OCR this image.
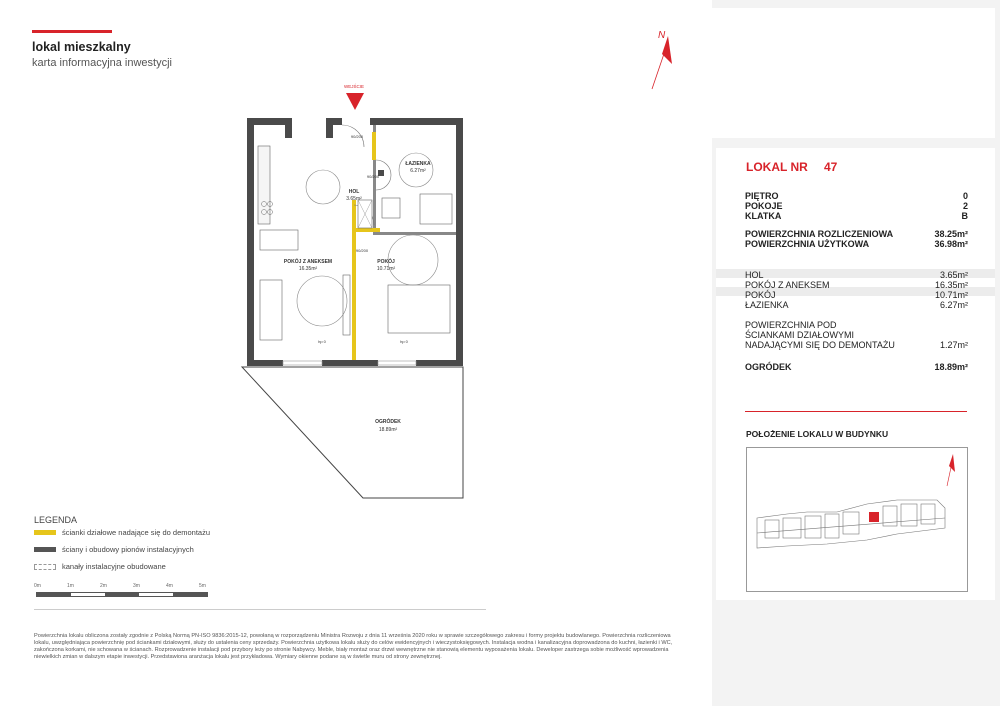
lokal mieszkalny
karta informacyjna inwestycji
N
WEJŚCIE
ŁAZIENKA
6.27m²
HOL
3.65m²
POKÓJ Z ANEKSEM
16.35m²
POKÓJ
10.71m²
OGRÓDEK
18.89m²
90/200
90/200
90/200
hp 0	hp 0
LEGENDA
ścianki działowe nadające się do demontażu
ściany i obudowy pionów instalacyjnych
kanały instalacyjne obudowane
0m	1m	2m	3m	4m	5m
Powierzchnia lokalu obliczona zostały zgodnie z Polską Normą PN-ISO 9836:2015-12, powołaną w rozporządzeniu Ministra Rozwoju z dnia 11 września 2020 roku w sprawie szczegółowego zakresu i formy projektu budowlanego. Powierzchnia rozliczeniowa lokalu, uwzględniająca powierzchnię pod ściankami działowymi, służy do ustalenia ceny sprzedaży. Powierzchnia użytkowa lokalu służy do celów ewidencyjnych i wieczystoksięgowych. Instalacja wodna i kanalizacyjna doprowadzona do kuchni, łazienki i WC, zakończona korkami, nie schowana w ścianach. Rozprowadzenie instalacji pod przybory leży po stronie Nabywcy. Meble, biały montaż oraz drzwi wewnętrzne nie stanowią elementu wyposażenia lokalu. Deweloper zastrzega sobie możliwość wprowadzenia niewielkich zmian w dalszym etapie inwestycji. Przedstawiona aranżacja lokalu jest przykładowa. Wymiary okienne podane są w świetle muru od strony zewnętrznej.
LOKAL NR 47
PIĘTRO	0
POKOJE	2
KLATKA	B
POWIERZCHNIA ROZLICZENIOWA	38.25m²
POWIERZCHNIA UŻYTKOWA	36.98m²
HOL	3.65m²
POKÓJ Z ANEKSEM	16.35m²
POKÓJ	10.71m²
ŁAZIENKA	6.27m²
POWIERZCHNIA POD
ŚCIANKAMI DZIAŁOWYMI
NADAJĄCYMI SIĘ DO DEMONTAŻU	1.27m²
OGRÓDEK	18.89m²
POŁOŻENIE LOKALU W BUDYNKU
